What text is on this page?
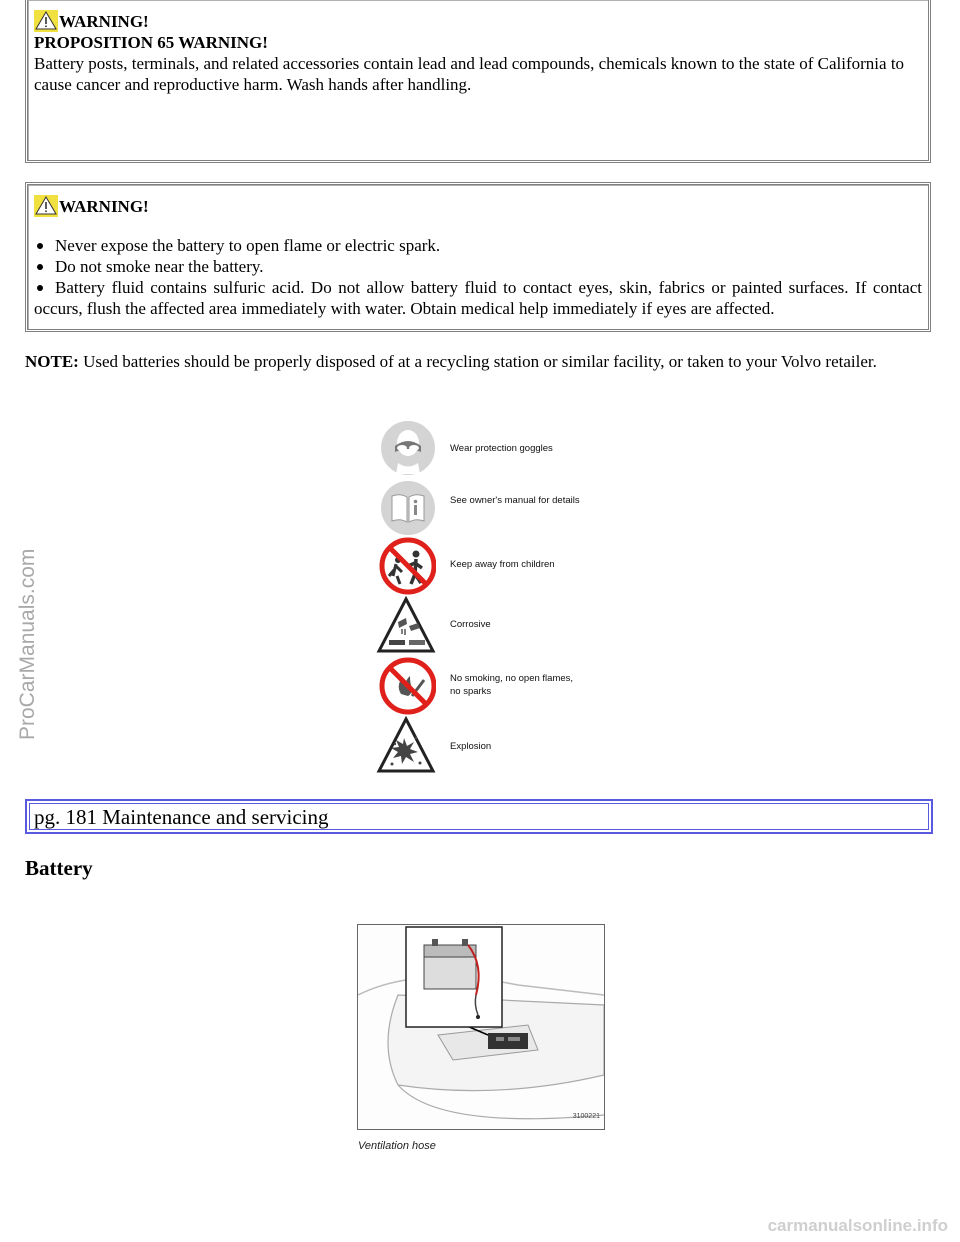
WARNING!

PROPOSITION 65 WARNING!

Battery posts, terminals, and related accessories contain lead and lead compounds, chemicals known to the state of California to cause cancer and reproductive harm. Wash hands after handling.

WARNING!
Never expose the battery to open flame or electric spark.
Do not smoke near the battery.
Battery fluid contains sulfuric acid. Do not allow battery fluid to contact eyes, skin, fabrics or painted surfaces. If contact occurs, flush the affected area immediately with water. Obtain medical help immediately if eyes are affected.
NOTE: Used batteries should be properly disposed of at a recycling station or similar facility, or taken to your Volvo retailer.
Wear protection goggles
See owner's manual for details
Keep away from children
Corrosive
No smoking, no open flames, no sparks
Explosion
pg. 181 Maintenance and servicing
Battery
3100221
Ventilation hose
ProCarManuals.com
carmanualsonline.info
